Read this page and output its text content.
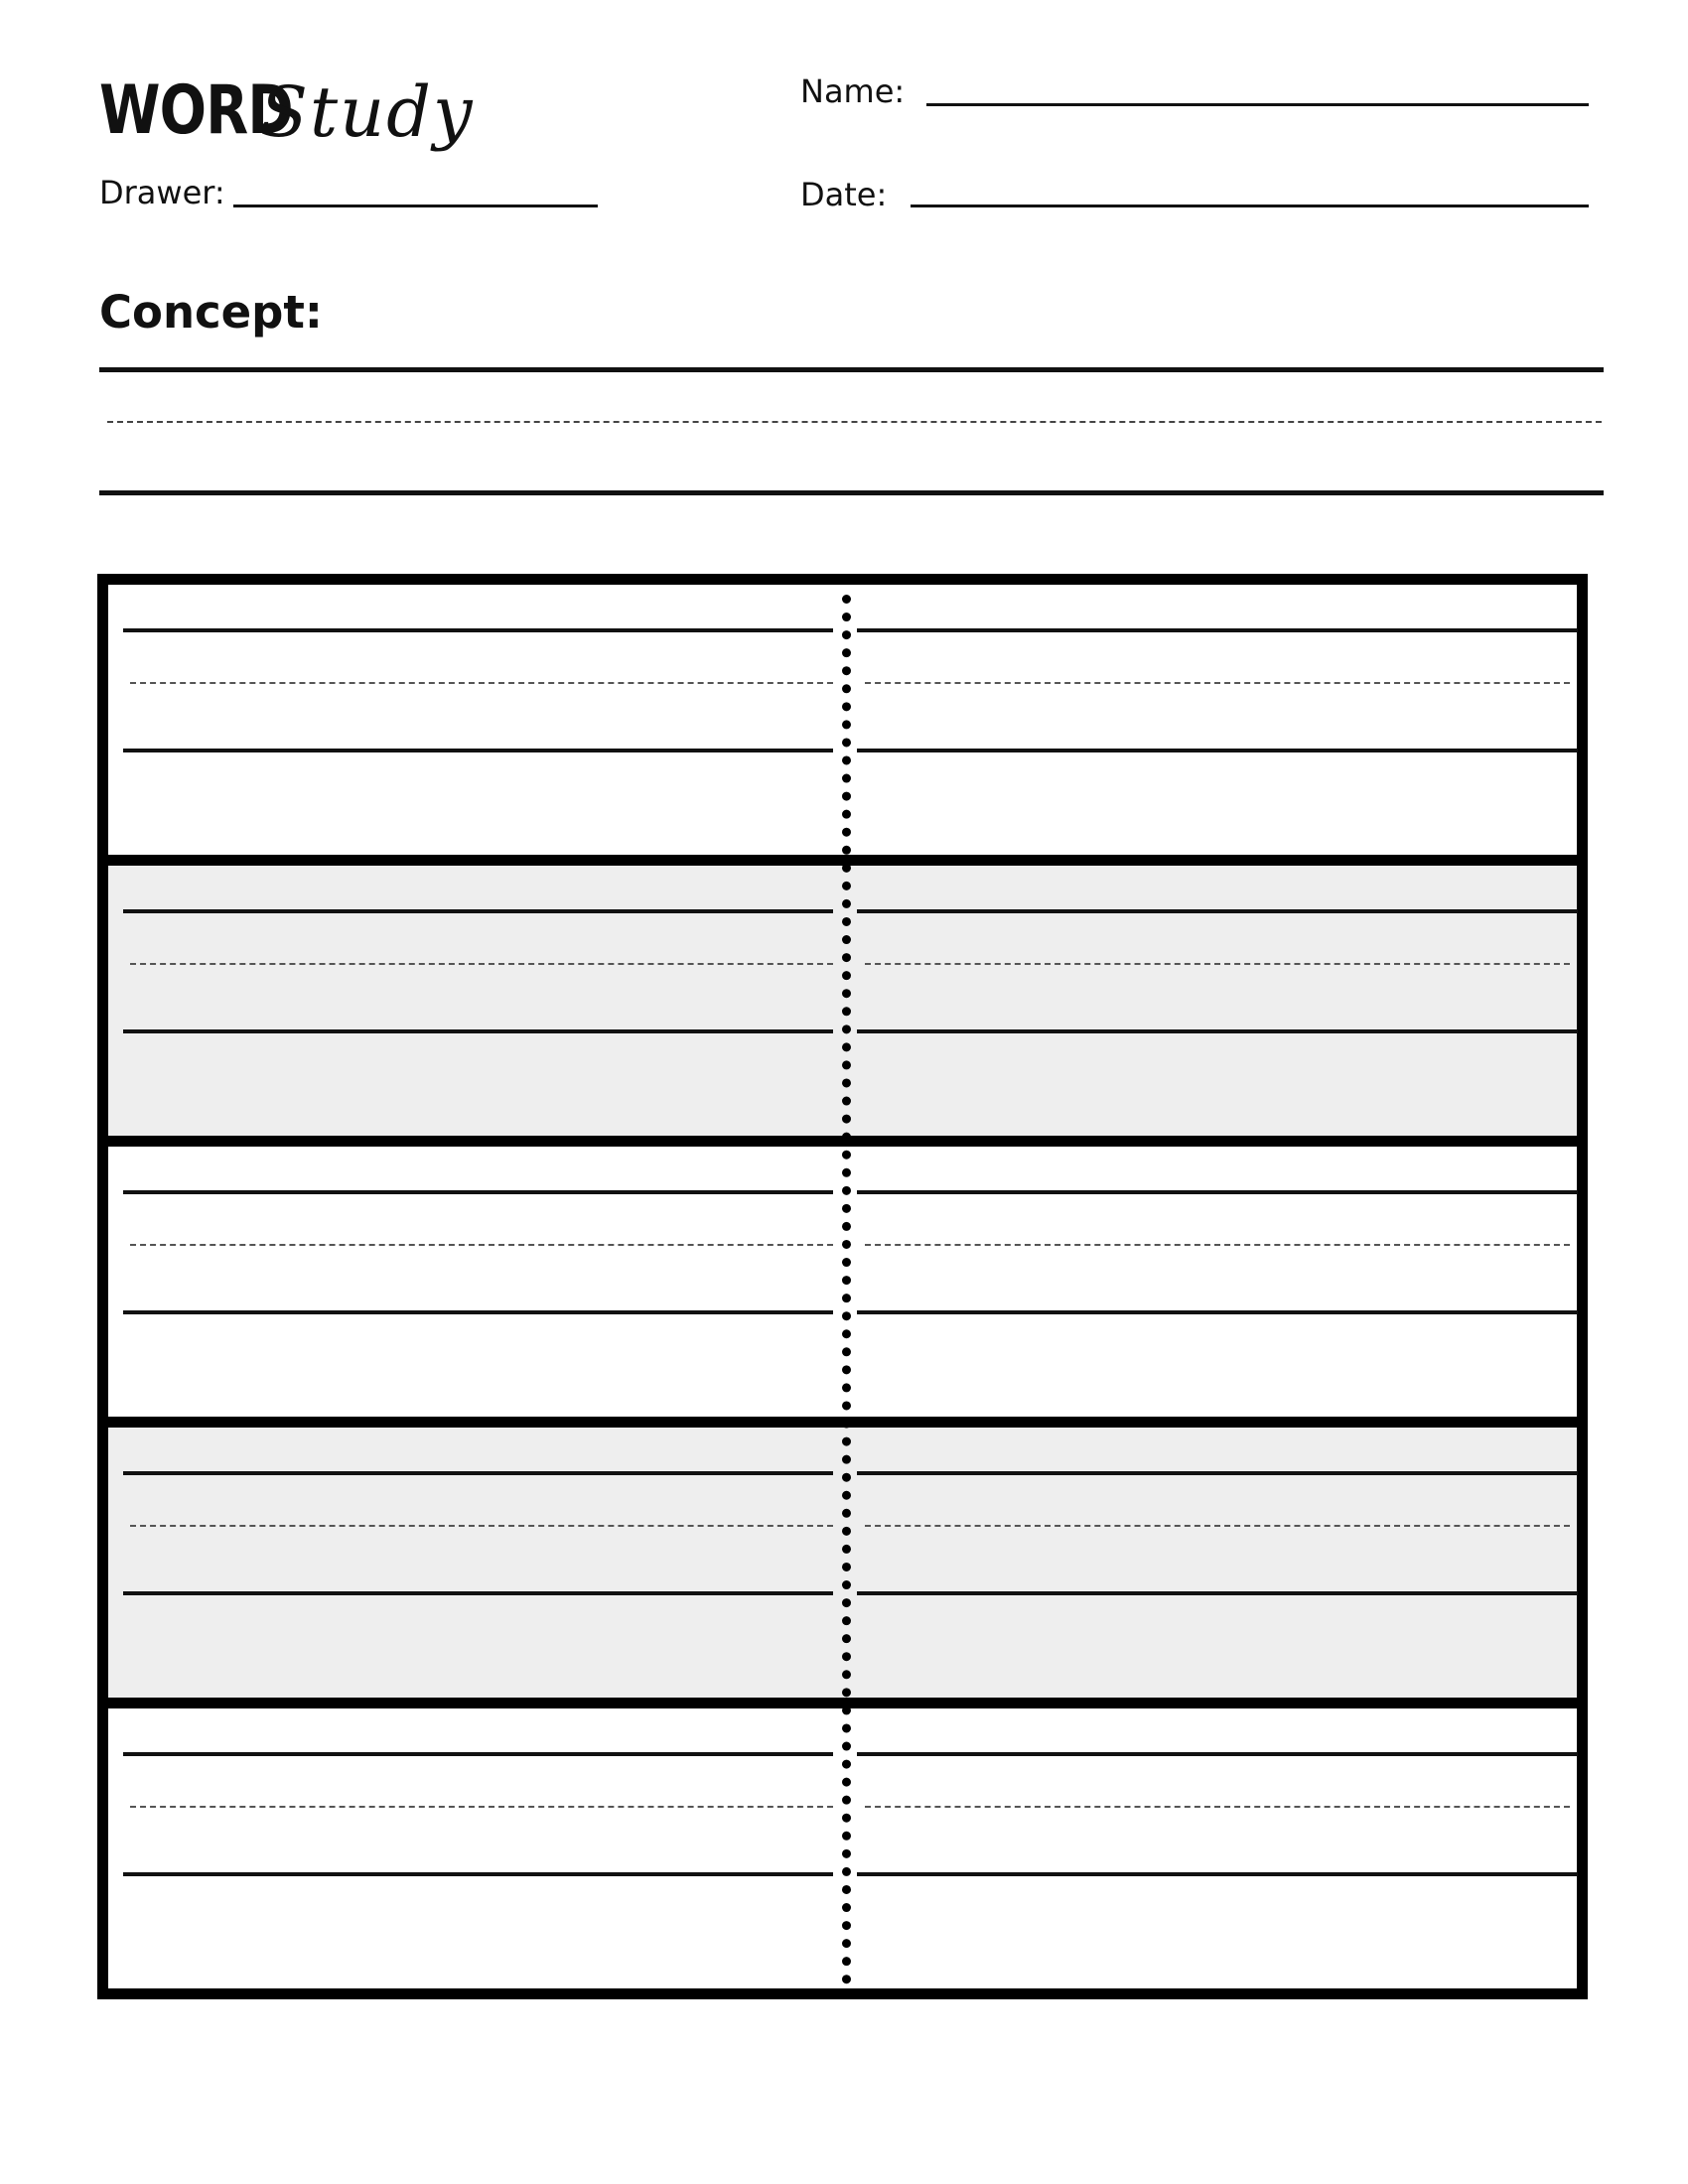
WORD
Study	Name:
Drawer:	Date:
Concept:
